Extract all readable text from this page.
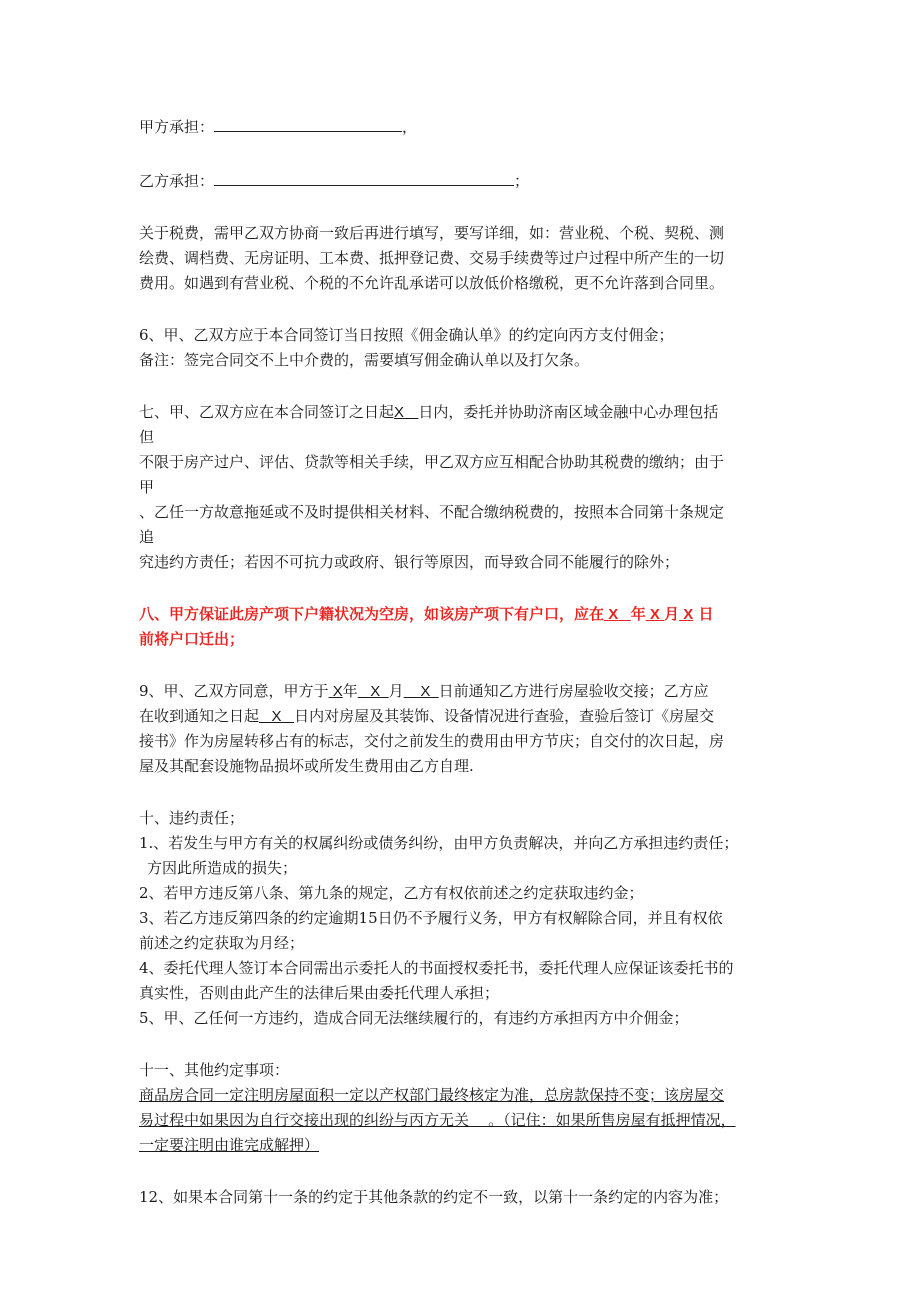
甲方承担：	，

乙方承担：	；

关于税费，需甲乙双方协商一致后再进行填写，要写详细，如：营业税、个税、契税、测

绘费、调档费、无房证明、工本费、抵押登记费、交易手续费等过户过程中所产生的一切

费用。如遇到有营业税、个税的不允许乱承诺可以放低价格缴税，更不允许落到合同里。

6、甲、乙双方应于本合同签订当日按照《佣金确认单》的约定向丙方支付佣金；

备注：签完合同交不上中介费的，需要填写佣金确认单以及打欠条。

七、甲、乙双方应在本合同签订之日起X 日内，委托并协助济南区域金融中心办理包括

但

不限于房产过户、评估、贷款等相关手续，甲乙双方应互相配合协助其税费的缴纳；由于

甲

、乙任一方故意拖延或不及时提供相关材料、不配合缴纳税费的，按照本合同第十条规定

追

究违约方责任；若因不可抗力或政府、银行等原因，而导致合同不能履行的除外；

八、甲方保证此房产项下户籍状况为空房，如该房产项下有户口，应在 X 年 X 月 X 日

前将户口迁出；

9、甲、乙双方同意，甲方于 X年 X 月 X 日前通知乙方进行房屋验收交接；乙方应

在收到通知之日起 X 日内对房屋及其装饰、设备情况进行查验，查验后签订《房屋交

接书》作为房屋转移占有的标志，交付之前发生的费用由甲方节庆；自交付的次日起，房

屋及其配套设施物品损坏或所发生费用由乙方自理.

十、违约责任；

1.、若发生与甲方有关的权属纠纷或债务纠纷，由甲方负责解决，并向乙方承担违约责任；

方因此所造成的损失；

2、若甲方违反第八条、第九条的规定，乙方有权依前述之约定获取违约金；

3、若乙方违反第四条的约定逾期15日仍不予履行义务，甲方有权解除合同，并且有权依

前述之约定获取为月经；

4、委托代理人签订本合同需出示委托人的书面授权委托书，委托代理人应保证该委托书的

真实性，否则由此产生的法律后果由委托代理人承担；

5、甲、乙任何一方违约，造成合同无法继续履行的，有违约方承担丙方中介佣金；

十一、其他约定事项：

商品房合同一定注明房屋面积一定以产权部门最终核定为准，总房款保持不变；该房屋交

易过程中如果因为自行交接出现的纠纷与丙方无关    。（记住：如果所售房屋有抵押情况，

一定要注明由谁完成解押）

12、如果本合同第十一条的约定于其他条款的约定不一致，以第十一条约定的内容为准；
